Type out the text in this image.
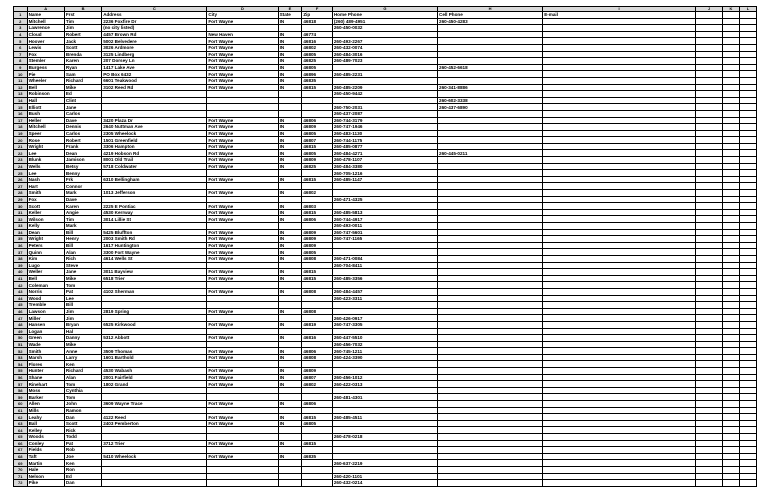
	A	B	C	D	E	F	G	H	I	J	K	L
1	Name	Frst	Address	City	State	Zip	Home Phone	Cell Phone	E-mail			
2	Mitchell	Tim	2236 Foxfire Dr	Fort Wayne	IN	46818	(260) 489-4951	260-450-4283				
3	Lawrence	Jim	(no city listed)				260-450-0032					
4	Cloud	Robert	4457 Brown Rd	New Haven	IN	46774						
5	Hoover	Jack	5002 Belvedere	Fort Wayne	IN	46816	260-493-2267					
6	Lewis	Scott	3026 Ardmore	Fort Wayne	IN	46802	260-432-0074					
7	Fox	Brenda	3125 Lindberg	Fort Wayne	IN	46805	260-484-3016					
8	Stemler	Karen	207 Dorsey Ln	Fort Wayne	IN	46825	260-489-7023					
9	Burgess	Ryan	1417 Lake Ave	Fort Wayne	IN	46805		260-452-6618				
10	Pie	Sam	PO Box 6432	Fort Wayne	IN	46896	260-485-2231					
11	Wheeler	Richard	6601 Teakwood	Fort Wayne	IN	46835						
12	Bell	Mike	3102 Reed Rd	Fort Wayne	IN	46815	260-485-2209	260-341-8886				
13	Robinson	Ed					260-450-9442					
14	Hall	Clint						260-602-3338				
15	Elliott	Jane					260-750-2031	260-437-6890				
16	Bush	Carlos					260-437-2087					
17	Heller	Dave	3420 Plaza Dr	Fort Wayne	IN	46806	260-744-3179					
18	Mitchell	Dennis	2640 Nuttman Ave	Fort Wayne	IN	46809	260-747-1946					
19	Speer	Carlos	2305 Wheelock	Fort Wayne	IN	46805	260-483-1130					
20	Rose	Robert	1501 Greenfield	Fort Wayne	IN	46807	260-744-1175					
21	Wright	Frank	3306 Hampton	Fort Wayne	IN	46815	260-485-0877					
22	Lee	Dean	4219 Hobson Rd	Fort Wayne	IN	46805	260-484-4271	260-445-0211				
23	Blunk	Jamison	8001 Old Trail	Fort Wayne	IN	46809	260-478-1107					
24	Wells	Betsy	5718 Coldwater	Fort Wayne	IN	46825	260-484-3380					
25	Lee	Benny					260-705-1216					
26	Nash	Frk	6310 Bellingham	Fort Wayne	IN	46815	260-485-1147					
27	Hart	Connor										
28	Smith	Mark	1013 Jefferson	Fort Wayne	IN	46802						
29	Fox	Dave					260-471-4325					
30	Scott	Karen	2225 E Pontiac	Fort Wayne	IN	46803						
31	Keller	Angie	4530 Kerrway	Fort Wayne	IN	46815	260-485-5813					
32	Wilson	Tim	3014 Lillie St	Fort Wayne	IN	46806	260-744-4917					
33	Kelly	Mark					260-493-0011					
34	Dean	Bill	5425 Bluffton	Fort Wayne	IN	46809	260-747-5601					
35	Wright	Henry	2003 Smith Rd	Fort Wayne	IN	46809	260-747-1165					
36	Peters	Bill	1617 Huntington	Fort Wayne	IN	46809						
37	Quinn	Alan	3300 Fort Wayne	Fort Wayne	IN	46805						
38	Kim	Rich	4614 Wells St	Fort Wayne	IN	46808	260-471-0084					
39	Lugo	Steve					260-704-8411					
40	Weller	Jane	3011 Bayview	Fort Wayne	IN	46815						
41	Bell	Mike	6518 Trier	Fort Wayne	IN	46815	260-485-3356					
42	Coleman	Tom										
43	Norris	Pat	4102 Sherman	Fort Wayne	IN	46808	260-484-4457					
44	Wood	Lee					260-423-3311					
45	Tremble	Bill										
46	Lawson	Jim	2819 Spring	Fort Wayne	IN	46808						
47	Miller	Jim					260-426-0917					
48	Hansen	Bryan	6525 Kirkwood	Fort Wayne	IN	46819	260-747-3305					
49	Logan	Hal										
50	Green	Danny	5312 Abbott	Fort Wayne	IN	46816	260-447-5510					
51	Wade	Mike					260-456-7032					
52	Smith	Anne	3509 Thomas	Fort Wayne	IN	46806	260-745-1211					
53	Marsh	Larry	1601 Barthold	Fort Wayne	IN	46808	260-424-3390					
54	Flores	Ken										
55	Hunter	Richard	4530 Wabash	Fort Wayne	IN	46809						
56	Shane	Alan	2001 Fairfield	Fort Wayne	IN	46807	260-456-1012					
57	Rinehart	Tom	1802 Grand	Fort Wayne	IN	46802	260-422-0313					
58	Moss	Cynthia										
59	Barker	Tom					260-481-4301					
60	Allen	John	3609 Wayne Trace	Fort Wayne	IN	46806						
61	Mills	Ramon										
62	Leahy	Dan	4122 Reed	Fort Wayne	IN	46815	260-485-4511					
63	Ball	Scott	2403 Pemberton	Fort Wayne	IN	46805						
64	Kelley	Rick										
65	Woods	Todd					260-478-0218					
66	Conley	Pat	3712 Trier	Fort Wayne	IN	46815						
67	Fields	Rob										
68	Taft	Joe	5410 Wheelock	Fort Wayne	IN	46835						
69	Martin	Ken					260-637-2219					
70	Hale	Ron										
71	Nelson	Ed					260-420-1101					
72	Pike	Dan					260-432-0214					
